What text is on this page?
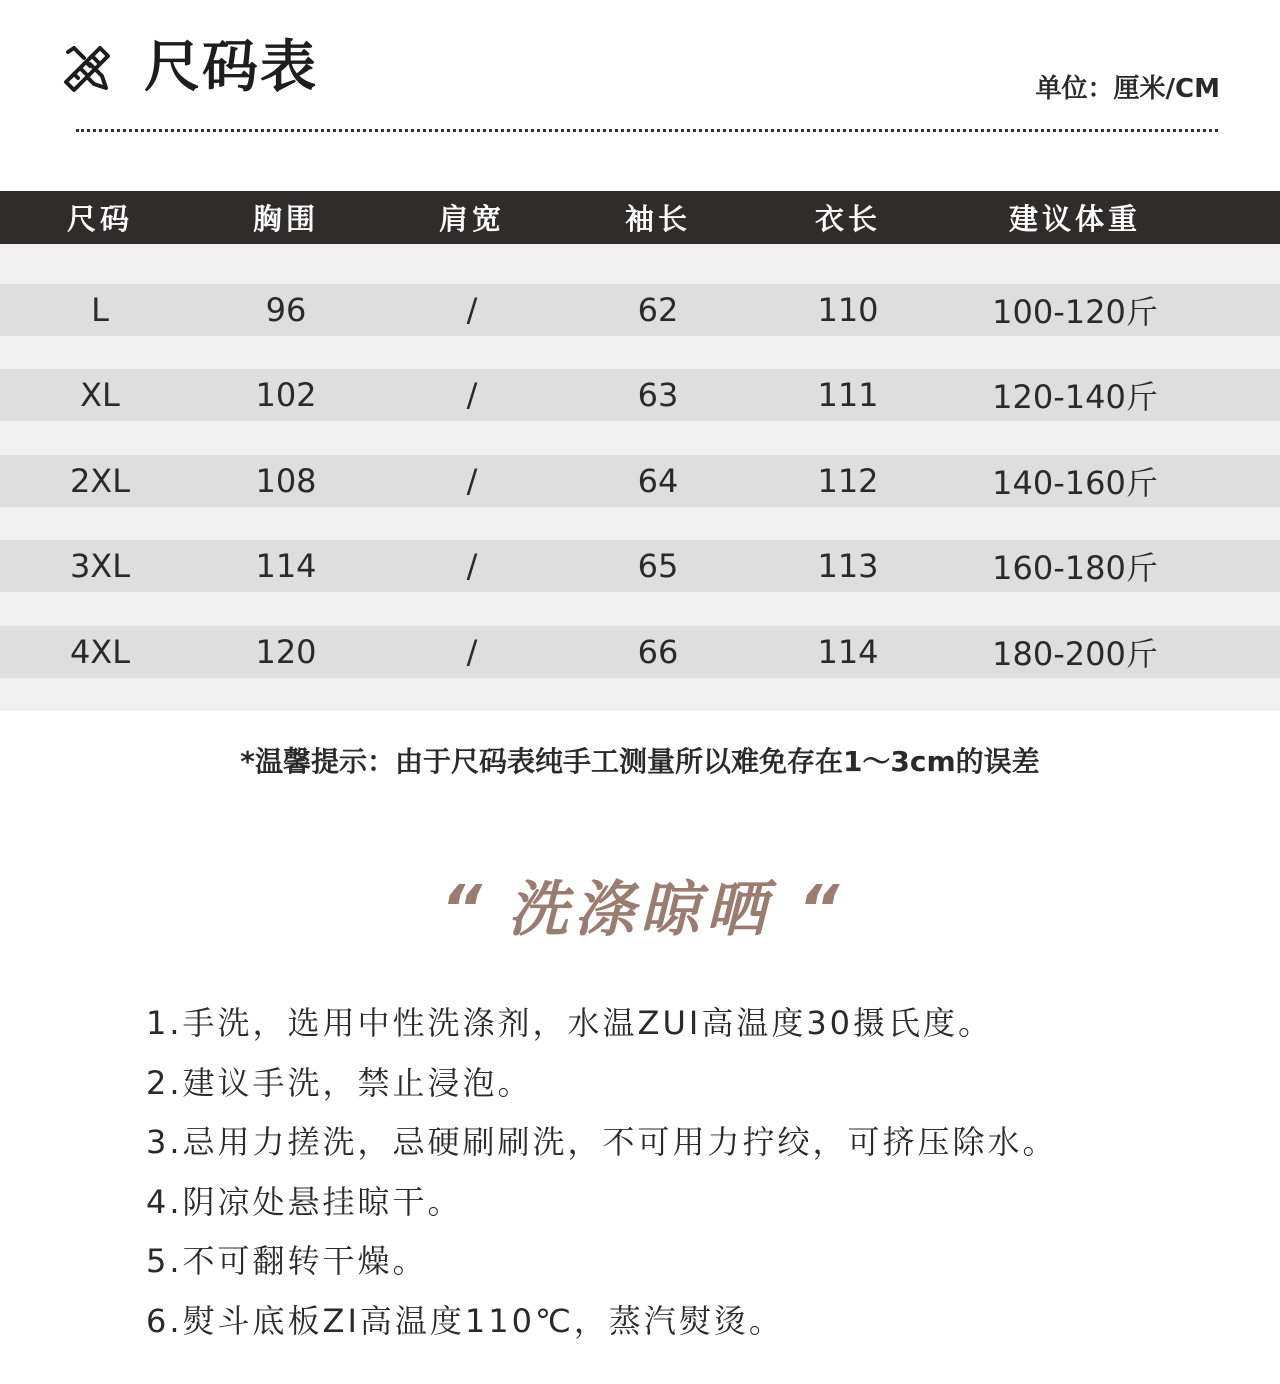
尺码表	单位：厘米/CM
尺码	胸围	肩宽	袖长	衣长	建议体重
L	96	/	62	110	100-120斤
XL	102	/	63	111	120-140斤
2XL	108	/	64	112	140-160斤
3XL	114	/	65	113	160-180斤
4XL	120	/	66	114	180-200斤
*温馨提示：由于尺码表纯手工测量所以难免存在1～3cm的误差
“ 洗涤晾晒 “
1.手洗，选用中性洗涤剂，水温ZUI高温度30摄氏度。
2.建议手洗，禁止浸泡。
3.忌用力搓洗，忌硬刷刷洗，不可用力拧绞，可挤压除水。
4.阴凉处悬挂晾干。
5.不可翻转干燥。
6.熨斗底板ZI高温度110℃，蒸汽熨烫。
